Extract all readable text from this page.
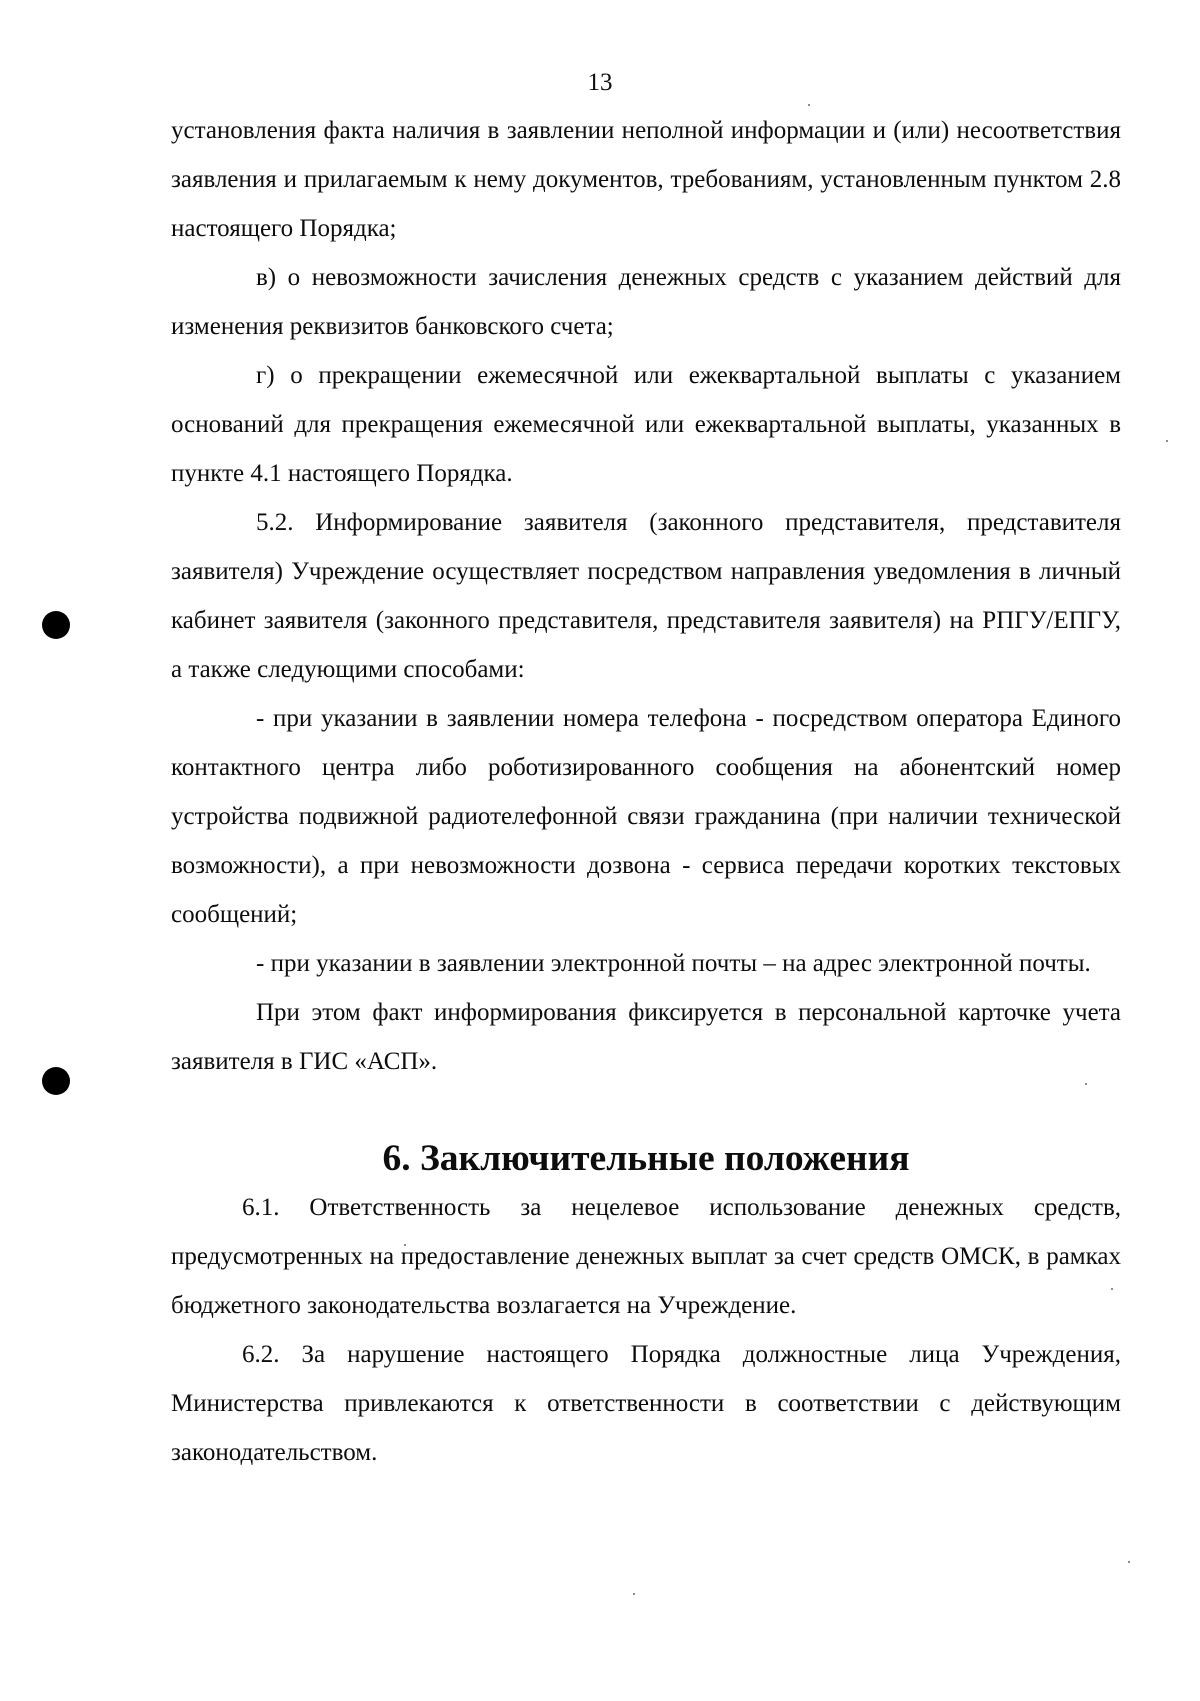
13

установления факта наличия в заявлении неполной информации и (или) несоответствия заявления и прилагаемым к нему документов, требованиям, установленным пунктом 2.8 настоящего Порядка;

в) о невозможности зачисления денежных средств с указанием действий для изменения реквизитов банковского счета;

г) о прекращении ежемесячной или ежеквартальной выплаты с указанием оснований для прекращения ежемесячной или ежеквартальной выплаты, указанных в пункте 4.1 настоящего Порядка.

5.2. Информирование заявителя (законного представителя, представителя заявителя) Учреждение осуществляет посредством направления уведомления в личный кабинет заявителя (законного представителя, представителя заявителя) на РПГУ/ЕПГУ, а также следующими способами:

- при указании в заявлении номера телефона - посредством оператора Единого контактного центра либо роботизированного сообщения на абонентский номер устройства подвижной радиотелефонной связи гражданина (при наличии технической возможности), а при невозможности дозвона - сервиса передачи коротких текстовых сообщений;

- при указании в заявлении электронной почты – на адрес электронной почты.

При этом факт информирования фиксируется в персональной карточке учета заявителя в ГИС «АСП».

6. Заключительные положения

6.1. Ответственность за нецелевое использование денежных средств, предусмотренных на предоставление денежных выплат за счет средств ОМСК, в рамках бюджетного законодательства возлагается на Учреждение.

6.2. За нарушение настоящего Порядка должностные лица Учреждения, Министерства привлекаются к ответственности в соответствии с действующим законодательством.
